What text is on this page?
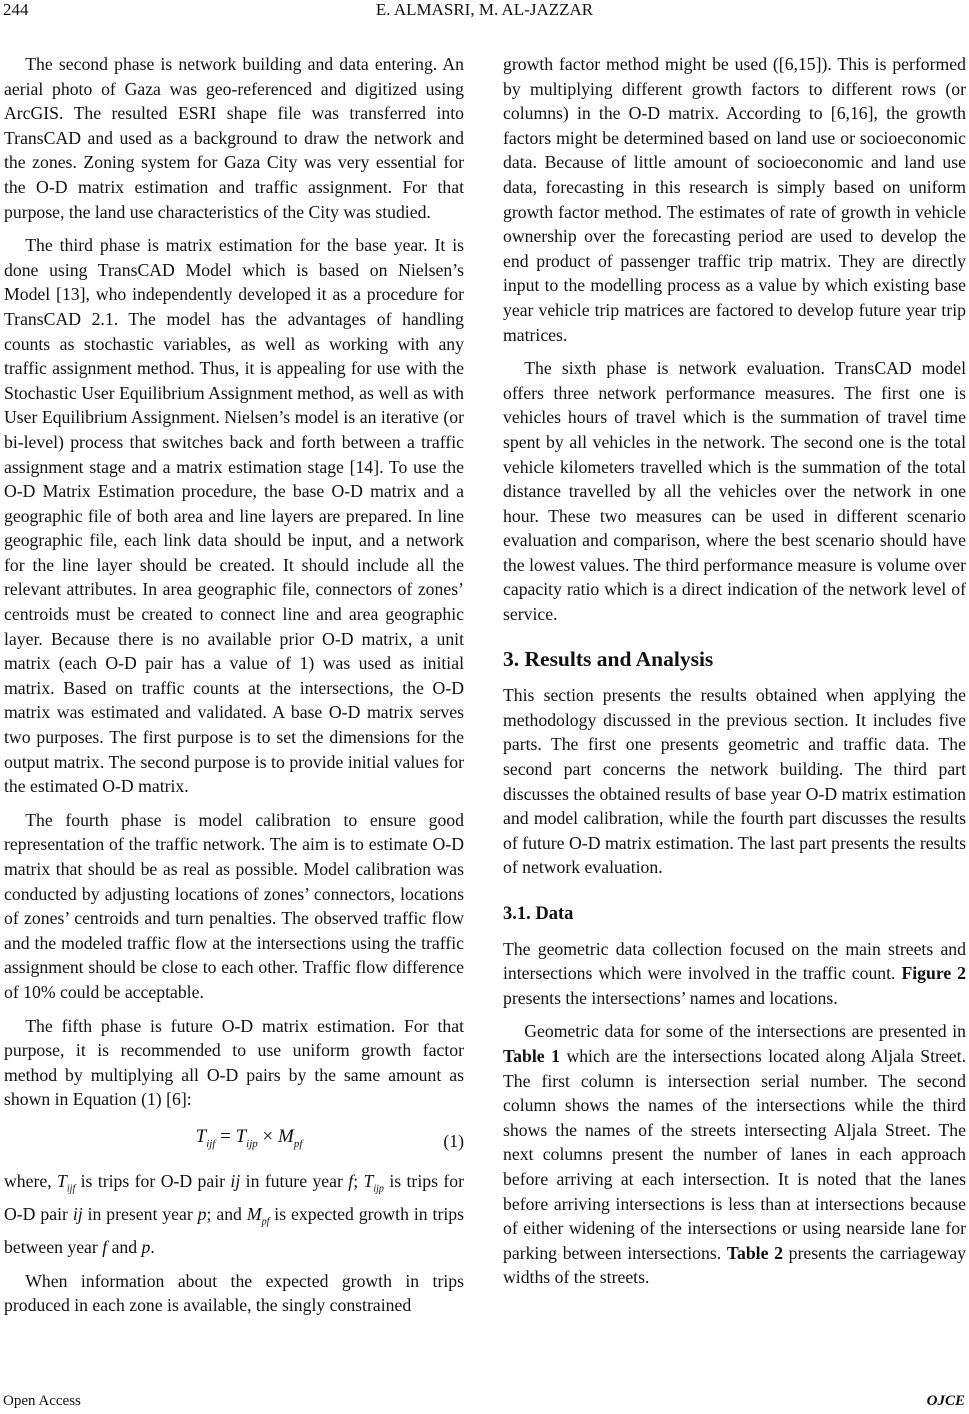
244	E. ALMASRI, M. AL-JAZZAR

The second phase is network building and data entering. An aerial photo of Gaza was geo-referenced and digitized using ArcGIS. The resulted ESRI shape file was transferred into TransCAD and used as a background to draw the network and the zones. Zoning system for Gaza City was very essential for the O-D matrix estimation and traffic assignment. For that purpose, the land use characteristics of the City was studied.

The third phase is matrix estimation for the base year. It is done using TransCAD Model which is based on Nielsen’s Model [13], who independently developed it as a procedure for TransCAD 2.1. The model has the advantages of handling counts as stochastic variables, as well as working with any traffic assignment method. Thus, it is appealing for use with the Stochastic User Equilibrium Assignment method, as well as with User Equilibrium Assignment. Nielsen’s model is an iterative (or bi-level) process that switches back and forth between a traffic assignment stage and a matrix estimation stage [14]. To use the O-D Matrix Estimation procedure, the base O-D matrix and a geographic file of both area and line layers are prepared. In line geographic file, each link data should be input, and a network for the line layer should be created. It should include all the relevant attributes. In area geographic file, connectors of zones’ centroids must be created to connect line and area geographic layer. Because there is no available prior O-D matrix, a unit matrix (each O-D pair has a value of 1) was used as initial matrix. Based on traffic counts at the intersections, the O-D matrix was estimated and validated. A base O-D matrix serves two purposes. The first purpose is to set the dimensions for the output matrix. The second purpose is to provide initial values for the estimated O-D matrix.

The fourth phase is model calibration to ensure good representation of the traffic network. The aim is to estimate O-D matrix that should be as real as possible. Model calibration was conducted by adjusting locations of zones’ connectors, locations of zones’ centroids and turn penalties. The observed traffic flow and the modeled traffic flow at the intersections using the traffic assignment should be close to each other. Traffic flow difference of 10% could be acceptable.

The fifth phase is future O-D matrix estimation. For that purpose, it is recommended to use uniform growth factor method by multiplying all O-D pairs by the same amount as shown in Equation (1) [6]:

$T_{ijf} = T_{ijp} \times M_{pf}$	(1)

where, $T_{ijf}$ is trips for O-D pair ij in future year f; $T_{ijp}$ is trips for O-D pair ij in present year p; and $M_{pf}$ is expected growth in trips between year f and p.

When information about the expected growth in trips produced in each zone is available, the singly constrained

growth factor method might be used ([6,15]). This is performed by multiplying different growth factors to different rows (or columns) in the O-D matrix. According to [6,16], the growth factors might be determined based on land use or socioeconomic data. Because of little amount of socioeconomic and land use data, forecasting in this research is simply based on uniform growth factor method. The estimates of rate of growth in vehicle ownership over the forecasting period are used to develop the end product of passenger traffic trip matrix. They are directly input to the modelling process as a value by which existing base year vehicle trip matrices are factored to develop future year trip matrices.

The sixth phase is network evaluation. TransCAD model offers three network performance measures. The first one is vehicles hours of travel which is the summation of travel time spent by all vehicles in the network. The second one is the total vehicle kilometers travelled which is the summation of the total distance travelled by all the vehicles over the network in one hour. These two measures can be used in different scenario evaluation and comparison, where the best scenario should have the lowest values. The third performance measure is volume over capacity ratio which is a direct indication of the network level of service.

3. Results and Analysis

This section presents the results obtained when applying the methodology discussed in the previous section. It includes five parts. The first one presents geometric and traffic data. The second part concerns the network building. The third part discusses the obtained results of base year O-D matrix estimation and model calibration, while the fourth part discusses the results of future O-D matrix estimation. The last part presents the results of network evaluation.

3.1. Data

The geometric data collection focused on the main streets and intersections which were involved in the traffic count. Figure 2 presents the intersections’ names and locations.

Geometric data for some of the intersections are presented in Table 1 which are the intersections located along Aljala Street. The first column is intersection serial number. The second column shows the names of the intersections while the third shows the names of the streets intersecting Aljala Street. The next columns present the number of lanes in each approach before arriving at each intersection. It is noted that the lanes before arriving intersections is less than at intersections because of either widening of the intersections or using nearside lane for parking between intersections. Table 2 presents the carriageway widths of the streets.

Open Access	OJCE
